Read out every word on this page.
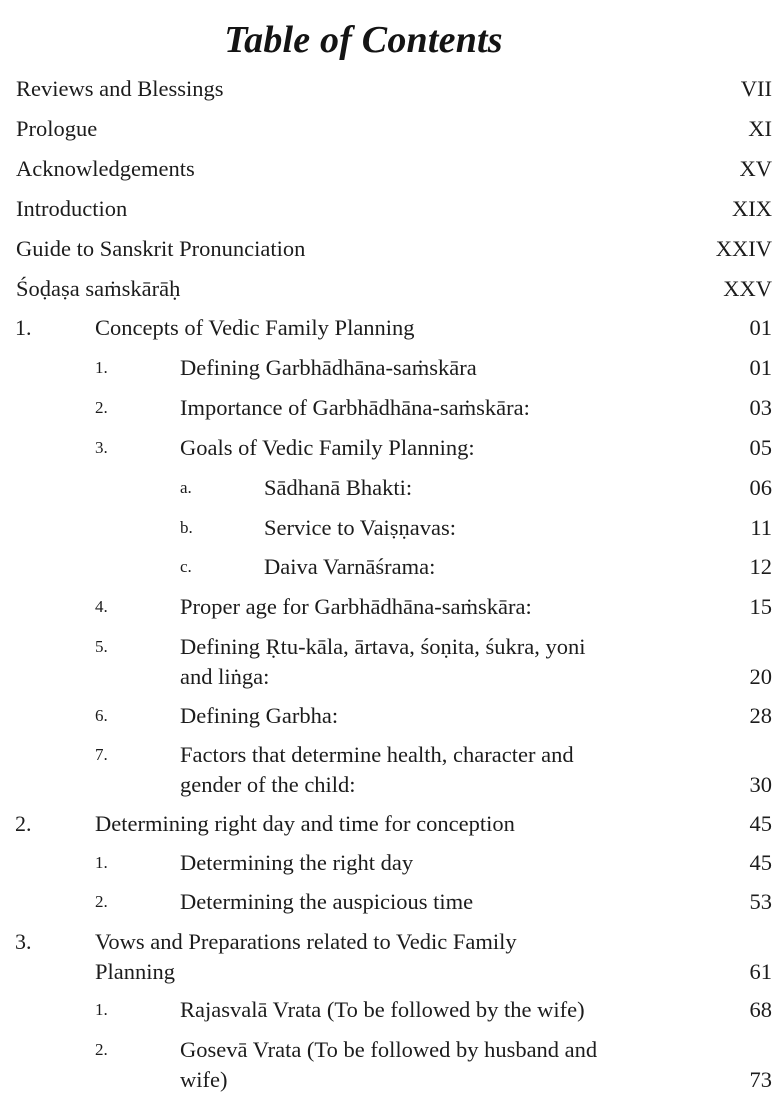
Table of Contents
Reviews and Blessings	VII
Prologue	XI
Acknowledgements	XV
Introduction	XIX
Guide to Sanskrit Pronunciation	XXIV
Śoḍaṣa saṁskārāḥ	XXV
1.	Concepts of Vedic Family Planning	01
1.	Defining Garbhādhāna-saṁskāra	01
2.	Importance of Garbhādhāna-saṁskāra:	03
3.	Goals of Vedic Family Planning:	05
a.	Sādhanā Bhakti:	06
b.	Service to Vaiṣṇavas:	11
c.	Daiva Varnāśrama:	12
4.	Proper age for Garbhādhāna-saṁskāra:	15
5.	Defining Ṛtu-kāla, ārtava, śoṇita, śukra, yoni
and liṅga:	20
6.	Defining Garbha:	28
7.	Factors that determine health, character and
gender of the child:	30
2.	Determining right day and time for conception	45
1.	Determining the right day	45
2.	Determining the auspicious time	53
3.	Vows and Preparations related to Vedic Family
Planning	61
1.	Rajasvalā Vrata (To be followed by the wife)	68
2.	Gosevā Vrata (To be followed by husband and
wife)	73
